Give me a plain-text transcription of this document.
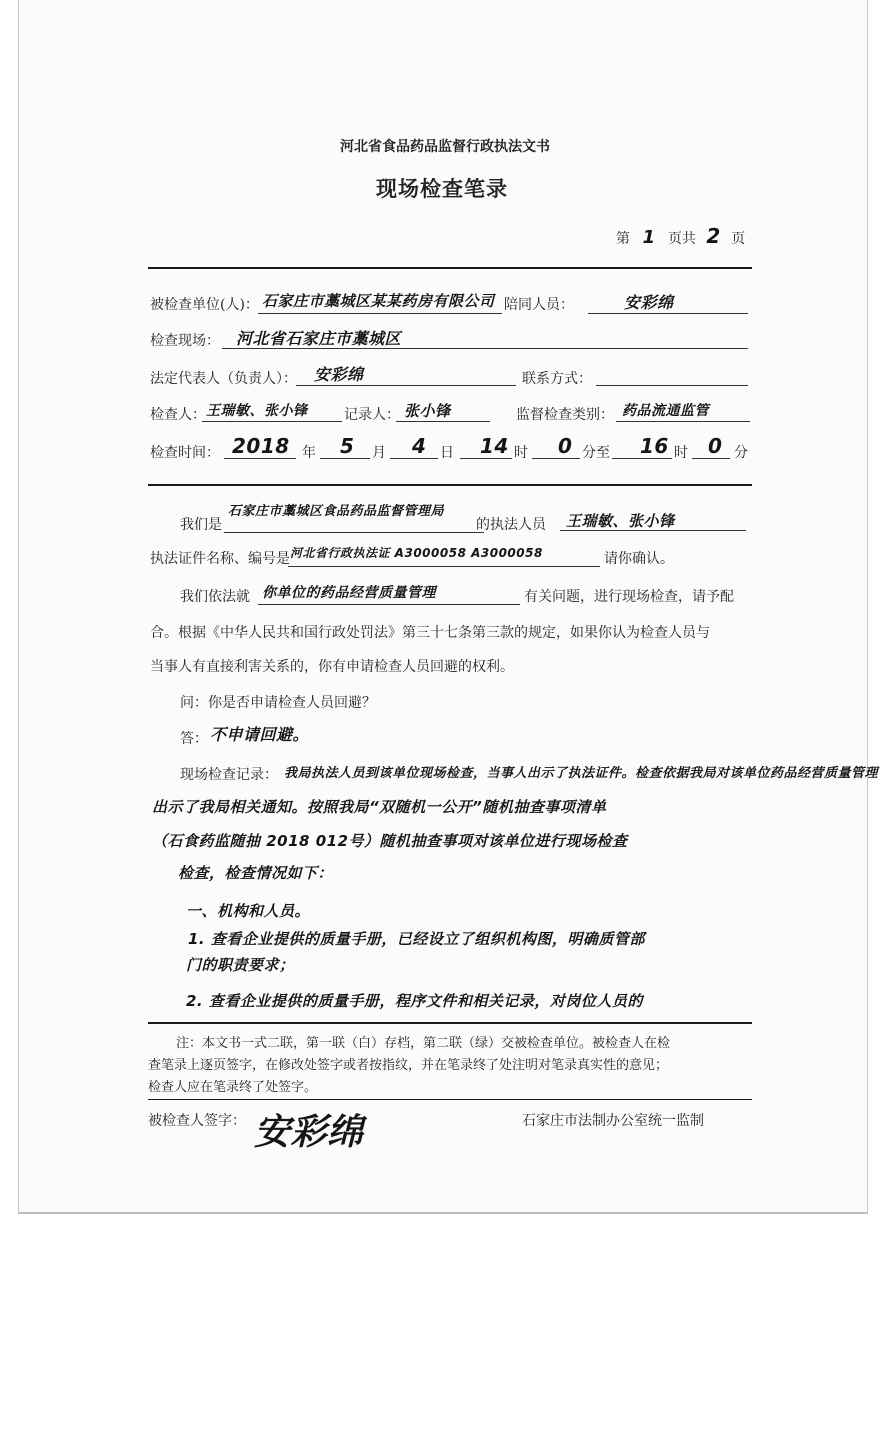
河北省食品药品监督行政执法文书
现场检查笔录
第 1 页共 2 页
被检查单位(人)： 石家庄市藁城区某某药房有限公司 陪同人员：	安彩绵
检查现场： 河北省石家庄市藁城区
法定代表人（负责人）： 安彩绵	联系方式：
检查人： 王瑞敏、张小锋	记录人： 张小锋	监督检查类别： 药品流通监管
检查时间： 2018 年 5 月 4 日 14 时 0 分至 16 时 0 分
我们是
石家庄市藁城区食品药品监督管理局
的执法人员 王瑞敏、张小锋
执法证件名称、编号是 河北省行政执法证 A3000058 A3000058	请你确认。
我们依法就 你单位的药品经营质量管理	有关问题，进行现场检查，请予配
合。根据《中华人民共和国行政处罚法》第三十七条第三款的规定，如果你认为检查人员与
当事人有直接利害关系的，你有申请检查人员回避的权利。
问：你是否申请检查人员回避？
答： 不申请回避。
现场检查记录： 我局执法人员到该单位现场检查，当事人出示了执法证件。检查依据我局对该单位药品经营质量管理
出示了我局相关通知。按照我局“双随机一公开”随机抽查事项清单
（石食药监随抽 2018 012号）随机抽查事项对该单位进行现场检查
检查，检查情况如下：
一、机构和人员。
1. 查看企业提供的质量手册，已经设立了组织机构图，明确质管部
门的职责要求；
2. 查看企业提供的质量手册，程序文件和相关记录，对岗位人员的
注：本文书一式二联，第一联（白）存档，第二联（绿）交被检查单位。被检查人在检
查笔录上逐页签字，在修改处签字或者按指纹，并在笔录终了处注明对笔录真实性的意见；
检查人应在笔录终了处签字。
被检查人签字： 安彩绵	石家庄市法制办公室统一监制
